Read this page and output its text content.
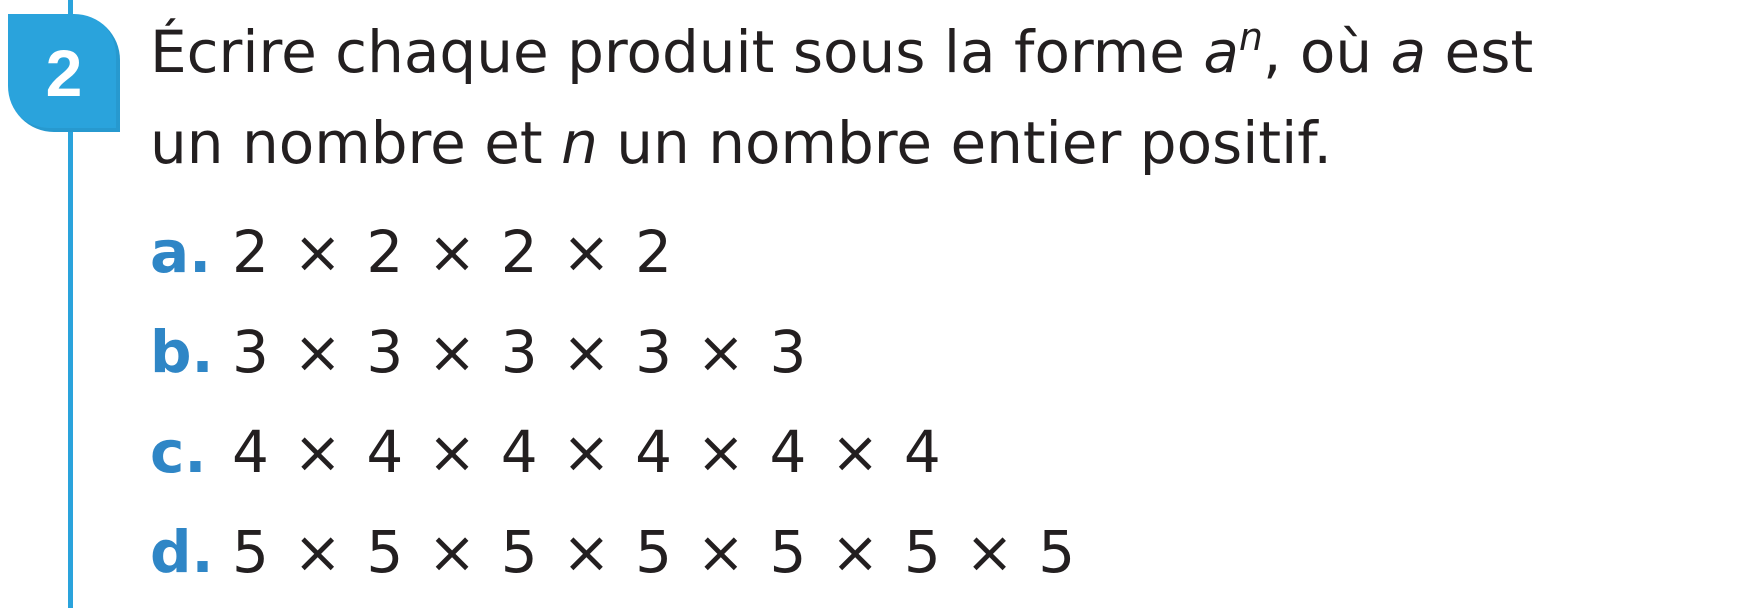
2	Écrire chaque produit sous la forme $a^n$, où a est
un nombre et n un nombre entier positif.
a. 2 × 2 × 2 × 2
b. 3 × 3 × 3 × 3 × 3
c. 4 × 4 × 4 × 4 × 4 × 4
d. 5 × 5 × 5 × 5 × 5 × 5 × 5
